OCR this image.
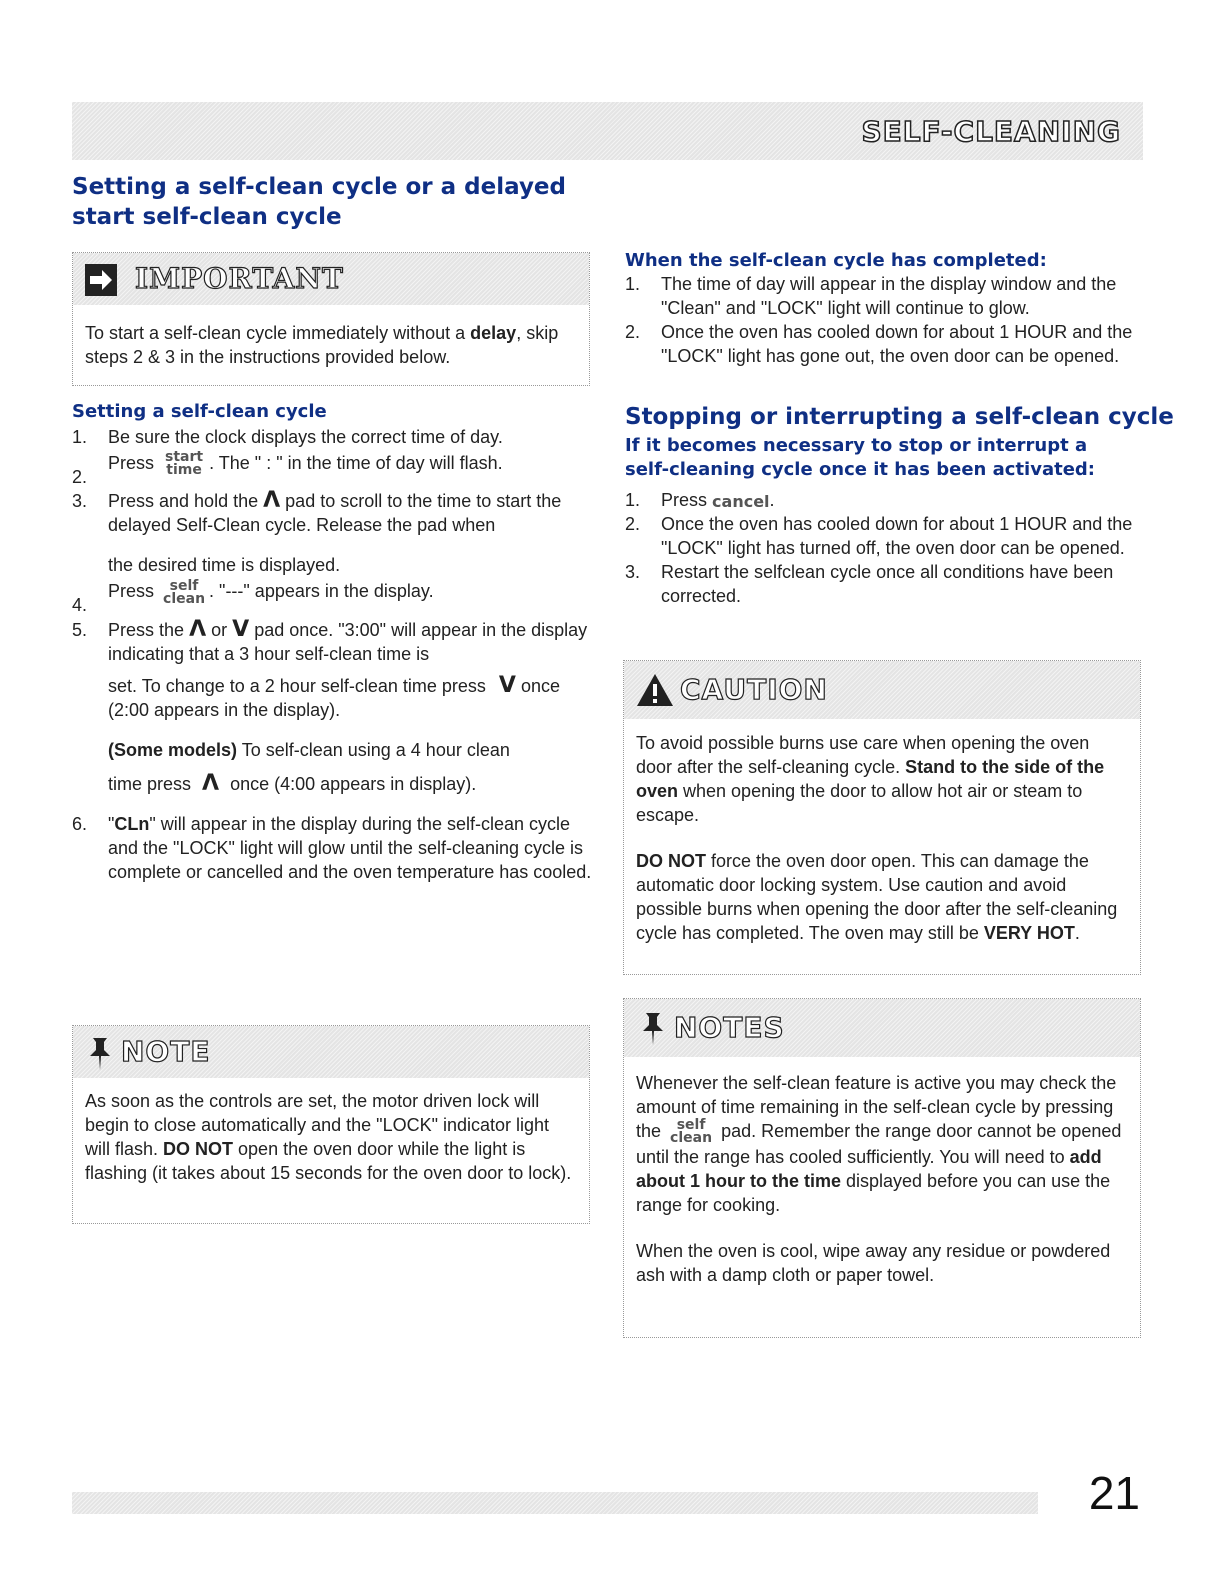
SELF-CLEANING
Setting a self-clean cycle or a delayed start self-clean cycle
IMPORTANT
To start a self-clean cycle immediately without a delay, skip steps 2 & 3 in the instructions provided below.
Setting a self-clean cycle
1. Be sure the clock displays the correct time of day.
2.
Press start
time . The " : " in the time of day will flash.
3. Press and hold the Λ pad to scroll to the time to start the delayed Self-Clean cycle. Release the pad when
the desired time is displayed.
4.
Press	self
clean . "---" appears in the display.
5. Press the Λ or V pad once. "3:00" will appear in the display indicating that a 3 hour self-clean time is
set. To change to a 2 hour self-clean time press V once (2:00 appears in the display).
(Some models) To self-clean using a 4 hour clean
time press Λ once (4:00 appears in display).
6. "CLn" will appear in the display during the self-clean cycle and the "LOCK" light will glow until the self-cleaning cycle is complete or cancelled and the oven temperature has cooled.
NOTE
As soon as the controls are set, the motor driven lock will begin to close automatically and the "LOCK" indicator light will flash. DO NOT open the oven door while the light is flashing (it takes about 15 seconds for the oven door to lock).
When the self-clean cycle has completed:
1. The time of day will appear in the display window and the "Clean" and "LOCK" light will continue to glow.
2. Once the oven has cooled down for about 1 HOUR and the "LOCK" light has gone out, the oven door can be opened.
Stopping or interrupting a self-clean cycle
If it becomes necessary to stop or interrupt a self-cleaning cycle once it has been activated:
1. Press cancel.
2. Once the oven has cooled down for about 1 HOUR and the "LOCK" light has turned off, the oven door can be opened.
3. Restart the selfclean cycle once all conditions have been corrected.
CAUTION

To avoid possible burns use care when opening the oven door after the self-cleaning cycle. Stand to the side of the oven when opening the door to allow hot air or steam to escape.

DO NOT force the oven door open. This can damage the automatic door locking system. Use caution and avoid possible burns when opening the door after the self-cleaning cycle has completed. The oven may still be VERY HOT.

NOTES

Whenever the self-clean feature is active you may check the amount of time remaining in the self-clean cycle by pressing the	self
clean pad. Remember the range door cannot be opened until the range has cooled sufficiently. You will need to add about 1 hour to the time displayed before you can use the range for cooking.

When the oven is cool, wipe away any residue or powdered ash with a damp cloth or paper towel.

21
